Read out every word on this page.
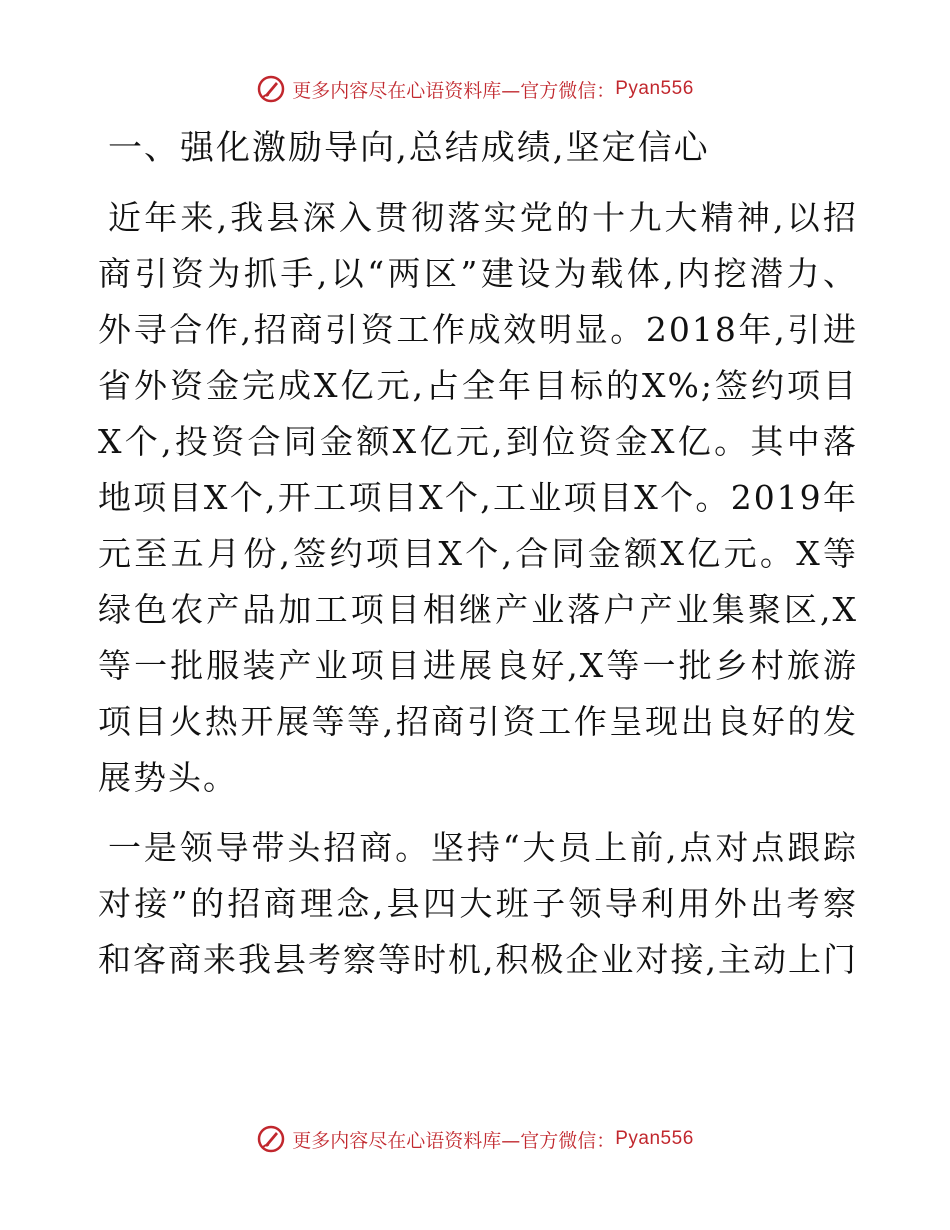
更多内容尽在心语资料库—官方微信： Pyan556
一、强化激励导向,总结成绩,坚定信心

近年来,我县深入贯彻落实党的十九大精神,以招商引资为抓手,以“两区”建设为载体,内挖潜力、外寻合作,招商引资工作成效明显。2018年,引进省外资金完成X亿元,占全年目标的X%;签约项目X个,投资合同金额X亿元,到位资金X亿。其中落地项目X个,开工项目X个,工业项目X个。2019年元至五月份,签约项目X个,合同金额X亿元。X等绿色农产品加工项目相继产业落户产业集聚区,X等一批服装产业项目进展良好,X等一批乡村旅游项目火热开展等等,招商引资工作呈现出良好的发展势头。

一是领导带头招商。坚持“大员上前,点对点跟踪对接”的招商理念,县四大班子领导利用外出考察和客商来我县考察等时机,积极企业对接,主动上门

更多内容尽在心语资料库—官方微信： Pyan556
